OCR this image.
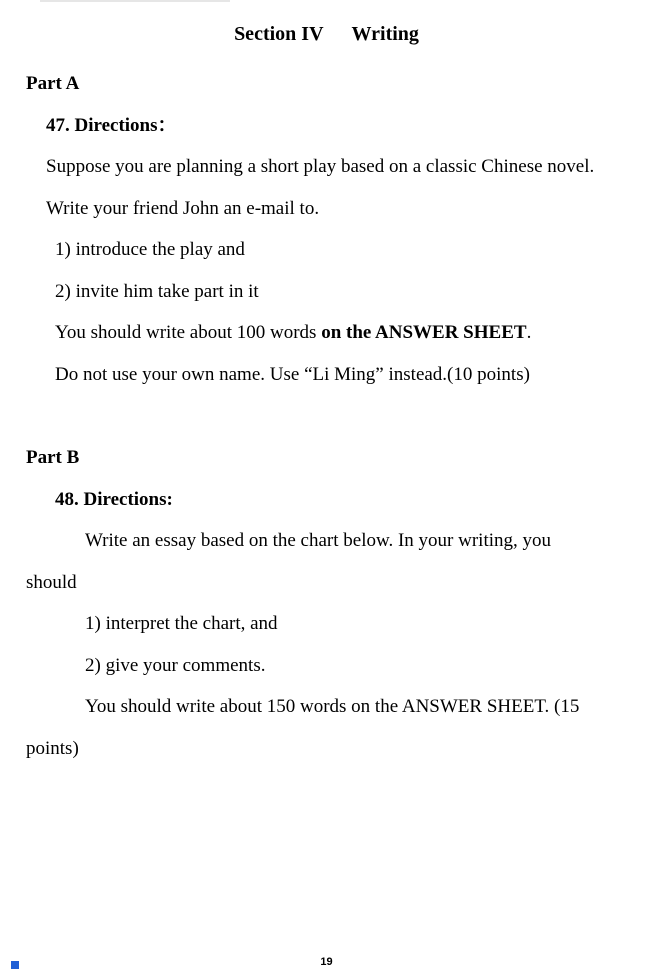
Section IV Writing
Part A
47. Directions：
Suppose you are planning a short play based on a classic Chinese novel.
Write your friend John an e-mail to.
1) introduce the play and
2) invite him take part in it
You should write about 100 words on the ANSWER SHEET.
Do not use your own name. Use “Li Ming” instead.(10 points)
Part B
48. Directions:
Write an essay based on the chart below. In your writing, you
should
1) interpret the chart, and
2) give your comments.
You should write about 150 words on the ANSWER SHEET. (15
points)
19
